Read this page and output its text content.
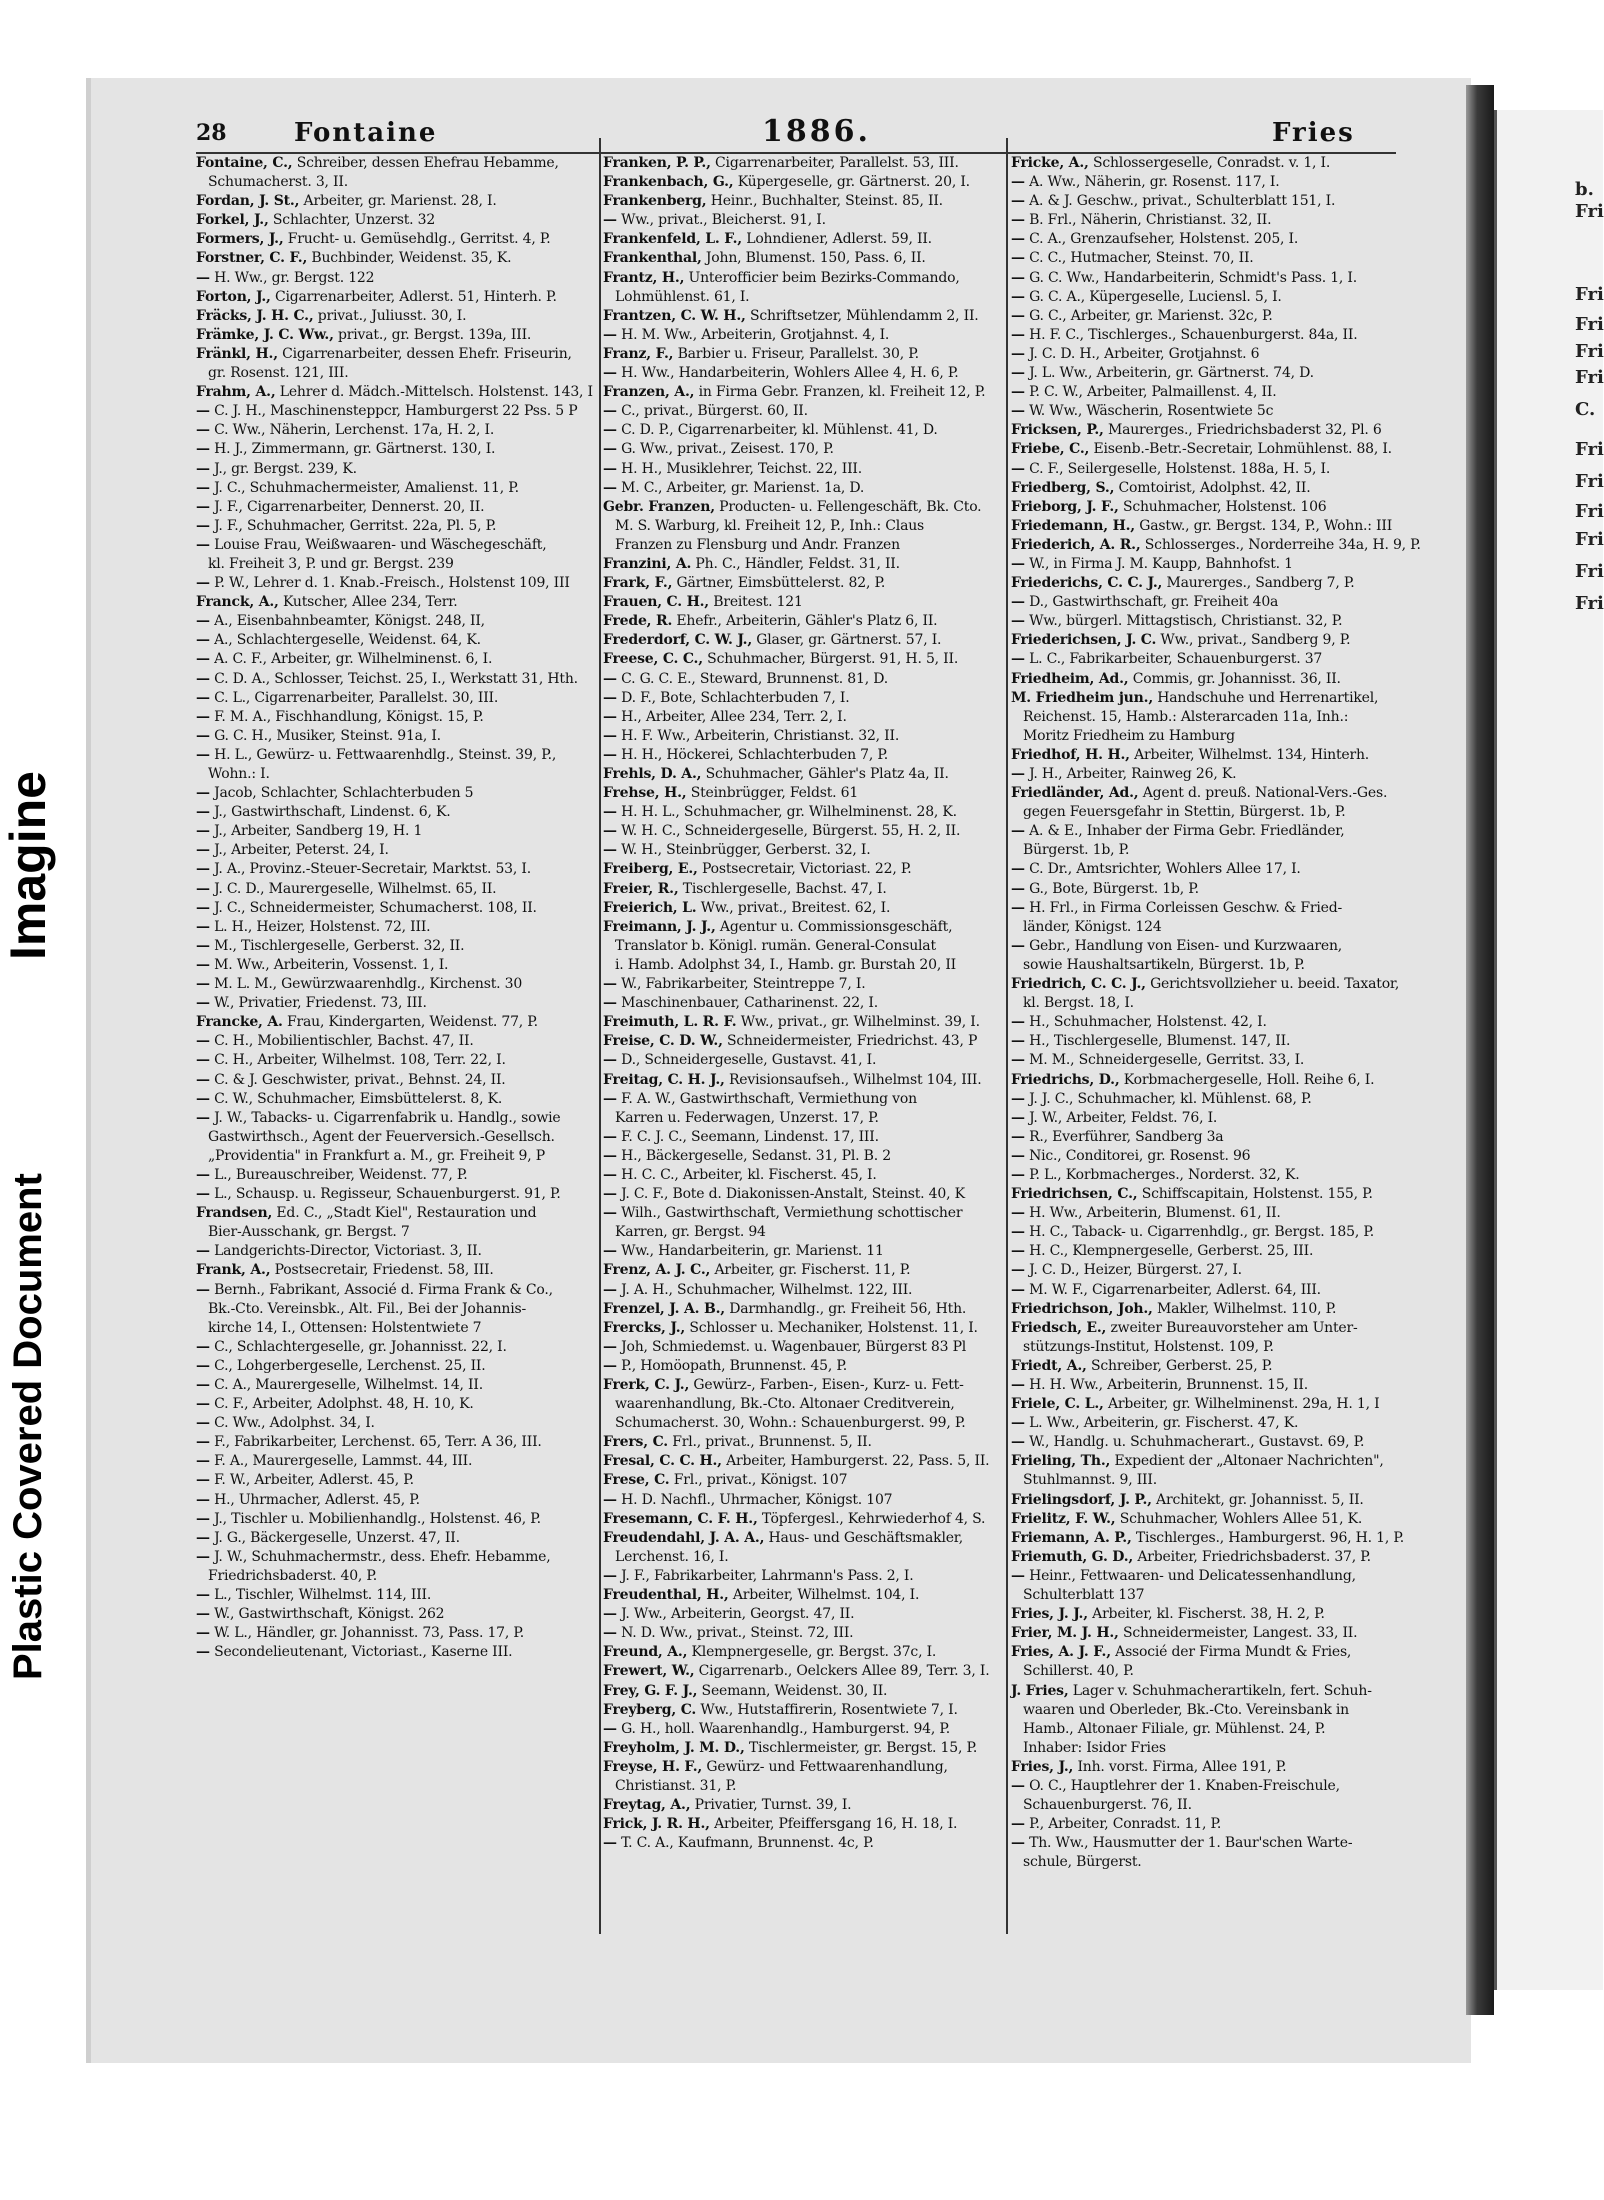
Plastic Covered Document
Imagine
b.
Fri
Fri
Fri
Fri
Fri
C.
Fri
Fri
Fri
Fri
Fri
Fri
28	Fontaine	1886.	Fries
Fontaine, C., Schreiber, dessen Ehefrau Hebamme,
Schumacherst. 3, II.
Fordan, J. St., Arbeiter, gr. Marienst. 28, I.
Forkel, J., Schlachter, Unzerst. 32
Formers, J., Frucht- u. Gemüsehdlg., Gerritst. 4, P.
Forstner, C. F., Buchbinder, Weidenst. 35, K.
— H. Ww., gr. Bergst. 122
Forton, J., Cigarrenarbeiter, Adlerst. 51, Hinterh. P.
Fräcks, J. H. C., privat., Juliusst. 30, I.
Främke, J. C. Ww., privat., gr. Bergst. 139a, III.
Fränkl, H., Cigarrenarbeiter, dessen Ehefr. Friseurin,
gr. Rosenst. 121, III.
Frahm, A., Lehrer d. Mädch.-Mittelsch. Holstenst. 143, I
— C. J. H., Maschinensteppcr, Hamburgerst 22 Pss. 5 P
— C. Ww., Näherin, Lerchenst. 17a, H. 2, I.
— H. J., Zimmermann, gr. Gärtnerst. 130, I.
— J., gr. Bergst. 239, K.
— J. C., Schuhmachermeister, Amalienst. 11, P.
— J. F., Cigarrenarbeiter, Dennerst. 20, II.
— J. F., Schuhmacher, Gerritst. 22a, Pl. 5, P.
— Louise Frau, Weißwaaren- und Wäschegeschäft,
kl. Freiheit 3, P. und gr. Bergst. 239
— P. W., Lehrer d. 1. Knab.-Freisch., Holstenst 109, III
Franck, A., Kutscher, Allee 234, Terr.
— A., Eisenbahnbeamter, Königst. 248, II,
— A., Schlachtergeselle, Weidenst. 64, K.
— A. C. F., Arbeiter, gr. Wilhelminenst. 6, I.
— C. D. A., Schlosser, Teichst. 25, I., Werkstatt 31, Hth.
— C. L., Cigarrenarbeiter, Parallelst. 30, III.
— F. M. A., Fischhandlung, Königst. 15, P.
— G. C. H., Musiker, Steinst. 91a, I.
— H. L., Gewürz- u. Fettwaarenhdlg., Steinst. 39, P.,
Wohn.: I.
— Jacob, Schlachter, Schlachterbuden 5
— J., Gastwirthschaft, Lindenst. 6, K.
— J., Arbeiter, Sandberg 19, H. 1
— J., Arbeiter, Peterst. 24, I.
— J. A., Provinz.-Steuer-Secretair, Marktst. 53, I.
— J. C. D., Maurergeselle, Wilhelmst. 65, II.
— J. C., Schneidermeister, Schumacherst. 108, II.
— L. H., Heizer, Holstenst. 72, III.
— M., Tischlergeselle, Gerberst. 32, II.
— M. Ww., Arbeiterin, Vossenst. 1, I.
— M. L. M., Gewürzwaarenhdlg., Kirchenst. 30
— W., Privatier, Friedenst. 73, III.
Francke, A. Frau, Kindergarten, Weidenst. 77, P.
— C. H., Mobilientischler, Bachst. 47, II.
— C. H., Arbeiter, Wilhelmst. 108, Terr. 22, I.
— C. & J. Geschwister, privat., Behnst. 24, II.
— C. W., Schuhmacher, Eimsbüttelerst. 8, K.
— J. W., Tabacks- u. Cigarrenfabrik u. Handlg., sowie
Gastwirthsch., Agent der Feuerversich.-Gesellsch.
„Providentia" in Frankfurt a. M., gr. Freiheit 9, P
— L., Bureauschreiber, Weidenst. 77, P.
— L., Schausp. u. Regisseur, Schauenburgerst. 91, P.
Frandsen, Ed. C., „Stadt Kiel", Restauration und
Bier-Ausschank, gr. Bergst. 7
— Landgerichts-Director, Victoriast. 3, II.
Frank, A., Postsecretair, Friedenst. 58, III.
— Bernh., Fabrikant, Associé d. Firma Frank & Co.,
Bk.-Cto. Vereinsbk., Alt. Fil., Bei der Johannis-
kirche 14, I., Ottensen: Holstentwiete 7
— C., Schlachtergeselle, gr. Johannisst. 22, I.
— C., Lohgerbergeselle, Lerchenst. 25, II.
— C. A., Maurergeselle, Wilhelmst. 14, II.
— C. F., Arbeiter, Adolphst. 48, H. 10, K.
— C. Ww., Adolphst. 34, I.
— F., Fabrikarbeiter, Lerchenst. 65, Terr. A 36, III.
— F. A., Maurergeselle, Lammst. 44, III.
— F. W., Arbeiter, Adlerst. 45, P.
— H., Uhrmacher, Adlerst. 45, P.
— J., Tischler u. Mobilienhandlg., Holstenst. 46, P.
— J. G., Bäckergeselle, Unzerst. 47, II.
— J. W., Schuhmachermstr., dess. Ehefr. Hebamme,
Friedrichsbaderst. 40, P.
— L., Tischler, Wilhelmst. 114, III.
— W., Gastwirthschaft, Königst. 262
— W. L., Händler, gr. Johannisst. 73, Pass. 17, P.
— Secondelieutenant, Victoriast., Kaserne III.
Franken, P. P., Cigarrenarbeiter, Parallelst. 53, III.
Frankenbach, G., Küpergeselle, gr. Gärtnerst. 20, I.
Frankenberg, Heinr., Buchhalter, Steinst. 85, II.
— Ww., privat., Bleicherst. 91, I.
Frankenfeld, L. F., Lohndiener, Adlerst. 59, II.
Frankenthal, John, Blumenst. 150, Pass. 6, II.
Frantz, H., Unterofficier beim Bezirks-Commando,
Lohmühlenst. 61, I.
Frantzen, C. W. H., Schriftsetzer, Mühlendamm 2, II.
— H. M. Ww., Arbeiterin, Grotjahnst. 4, I.
Franz, F., Barbier u. Friseur, Parallelst. 30, P.
— H. Ww., Handarbeiterin, Wohlers Allee 4, H. 6, P.
Franzen, A., in Firma Gebr. Franzen, kl. Freiheit 12, P.
— C., privat., Bürgerst. 60, II.
— C. D. P., Cigarrenarbeiter, kl. Mühlenst. 41, D.
— G. Ww., privat., Zeisest. 170, P.
— H. H., Musiklehrer, Teichst. 22, III.
— M. C., Arbeiter, gr. Marienst. 1a, D.
Gebr. Franzen, Producten- u. Fellengeschäft, Bk. Cto.
M. S. Warburg, kl. Freiheit 12, P., Inh.: Claus
Franzen zu Flensburg und Andr. Franzen
Franzini, A. Ph. C., Händler, Feldst. 31, II.
Frark, F., Gärtner, Eimsbüttelerst. 82, P.
Frauen, C. H., Breitest. 121
Frede, R. Ehefr., Arbeiterin, Gähler's Platz 6, II.
Frederdorf, C. W. J., Glaser, gr. Gärtnerst. 57, I.
Freese, C. C., Schuhmacher, Bürgerst. 91, H. 5, II.
— C. G. C. E., Steward, Brunnenst. 81, D.
— D. F., Bote, Schlachterbuden 7, I.
— H., Arbeiter, Allee 234, Terr. 2, I.
— H. F. Ww., Arbeiterin, Christianst. 32, II.
— H. H., Höckerei, Schlachterbuden 7, P.
Frehls, D. A., Schuhmacher, Gähler's Platz 4a, II.
Frehse, H., Steinbrügger, Feldst. 61
— H. H. L., Schuhmacher, gr. Wilhelminenst. 28, K.
— W. H. C., Schneidergeselle, Bürgerst. 55, H. 2, II.
— W. H., Steinbrügger, Gerberst. 32, I.
Freiberg, E., Postsecretair, Victoriast. 22, P.
Freier, R., Tischlergeselle, Bachst. 47, I.
Freierich, L. Ww., privat., Breitest. 62, I.
Freimann, J. J., Agentur u. Commissionsgeschäft,
Translator b. Königl. rumän. General-Consulat
i. Hamb. Adolphst 34, I., Hamb. gr. Burstah 20, II
— W., Fabrikarbeiter, Steintreppe 7, I.
— Maschinenbauer, Catharinenst. 22, I.
Freimuth, L. R. F. Ww., privat., gr. Wilhelminst. 39, I.
Freise, C. D. W., Schneidermeister, Friedrichst. 43, P
— D., Schneidergeselle, Gustavst. 41, I.
Freitag, C. H. J., Revisionsaufseh., Wilhelmst 104, III.
— F. A. W., Gastwirthschaft, Vermiethung von
Karren u. Federwagen, Unzerst. 17, P.
— F. C. J. C., Seemann, Lindenst. 17, III.
— H., Bäckergeselle, Sedanst. 31, Pl. B. 2
— H. C. C., Arbeiter, kl. Fischerst. 45, I.
— J. C. F., Bote d. Diakonissen-Anstalt, Steinst. 40, K
— Wilh., Gastwirthschaft, Vermiethung schottischer
Karren, gr. Bergst. 94
— Ww., Handarbeiterin, gr. Marienst. 11
Frenz, A. J. C., Arbeiter, gr. Fischerst. 11, P.
— J. A. H., Schuhmacher, Wilhelmst. 122, III.
Frenzel, J. A. B., Darmhandlg., gr. Freiheit 56, Hth.
Frercks, J., Schlosser u. Mechaniker, Holstenst. 11, I.
— Joh, Schmiedemst. u. Wagenbauer, Bürgerst 83 Pl
— P., Homöopath, Brunnenst. 45, P.
Frerk, C. J., Gewürz-, Farben-, Eisen-, Kurz- u. Fett-
waarenhandlung, Bk.-Cto. Altonaer Creditverein,
Schumacherst. 30, Wohn.: Schauenburgerst. 99, P.
Frers, C. Frl., privat., Brunnenst. 5, II.
Fresal, C. C. H., Arbeiter, Hamburgerst. 22, Pass. 5, II.
Frese, C. Frl., privat., Königst. 107
— H. D. Nachfl., Uhrmacher, Königst. 107
Fresemann, C. F. H., Töpfergesl., Kehrwiederhof 4, S.
Freudendahl, J. A. A., Haus- und Geschäftsmakler,
Lerchenst. 16, I.
— J. F., Fabrikarbeiter, Lahrmann's Pass. 2, I.
Freudenthal, H., Arbeiter, Wilhelmst. 104, I.
— J. Ww., Arbeiterin, Georgst. 47, II.
— N. D. Ww., privat., Steinst. 72, III.
Freund, A., Klempnergeselle, gr. Bergst. 37c, I.
Frewert, W., Cigarrenarb., Oelckers Allee 89, Terr. 3, I.
Frey, G. F. J., Seemann, Weidenst. 30, II.
Freyberg, C. Ww., Hutstaffirerin, Rosentwiete 7, I.
— G. H., holl. Waarenhandlg., Hamburgerst. 94, P.
Freyholm, J. M. D., Tischlermeister, gr. Bergst. 15, P.
Freyse, H. F., Gewürz- und Fettwaarenhandlung,
Christianst. 31, P.
Freytag, A., Privatier, Turnst. 39, I.
Frick, J. R. H., Arbeiter, Pfeiffersgang 16, H. 18, I.
— T. C. A., Kaufmann, Brunnenst. 4c, P.
Fricke, A., Schlossergeselle, Conradst. v. 1, I.
— A. Ww., Näherin, gr. Rosenst. 117, I.
— A. & J. Geschw., privat., Schulterblatt 151, I.
— B. Frl., Näherin, Christianst. 32, II.
— C. A., Grenzaufseher, Holstenst. 205, I.
— C. C., Hutmacher, Steinst. 70, II.
— G. C. Ww., Handarbeiterin, Schmidt's Pass. 1, I.
— G. C. A., Küpergeselle, Luciensl. 5, I.
— G. C., Arbeiter, gr. Marienst. 32c, P.
— H. F. C., Tischlerges., Schauenburgerst. 84a, II.
— J. C. D. H., Arbeiter, Grotjahnst. 6
— J. L. Ww., Arbeiterin, gr. Gärtnerst. 74, D.
— P. C. W., Arbeiter, Palmaillenst. 4, II.
— W. Ww., Wäscherin, Rosentwiete 5c
Fricksen, P., Maurerges., Friedrichsbaderst 32, Pl. 6
Friebe, C., Eisenb.-Betr.-Secretair, Lohmühlenst. 88, I.
— C. F., Seilergeselle, Holstenst. 188a, H. 5, I.
Friedberg, S., Comtoirist, Adolphst. 42, II.
Frieborg, J. F., Schuhmacher, Holstenst. 106
Friedemann, H., Gastw., gr. Bergst. 134, P., Wohn.: III
Friederich, A. R., Schlosserges., Norderreihe 34a, H. 9, P.
— W., in Firma J. M. Kaupp, Bahnhofst. 1
Friederichs, C. C. J., Maurerges., Sandberg 7, P.
— D., Gastwirthschaft, gr. Freiheit 40a
— Ww., bürgerl. Mittagstisch, Christianst. 32, P.
Friederichsen, J. C. Ww., privat., Sandberg 9, P.
— L. C., Fabrikarbeiter, Schauenburgerst. 37
Friedheim, Ad., Commis, gr. Johannisst. 36, II.
M. Friedheim jun., Handschuhe und Herrenartikel,
Reichenst. 15, Hamb.: Alsterarcaden 11a, Inh.:
Moritz Friedheim zu Hamburg
Friedhof, H. H., Arbeiter, Wilhelmst. 134, Hinterh.
— J. H., Arbeiter, Rainweg 26, K.
Friedländer, Ad., Agent d. preuß. National-Vers.-Ges.
gegen Feuersgefahr in Stettin, Bürgerst. 1b, P.
— A. & E., Inhaber der Firma Gebr. Friedländer,
Bürgerst. 1b, P.
— C. Dr., Amtsrichter, Wohlers Allee 17, I.
— G., Bote, Bürgerst. 1b, P.
— H. Frl., in Firma Corleissen Geschw. & Fried-
länder, Königst. 124
— Gebr., Handlung von Eisen- und Kurzwaaren,
sowie Haushaltsartikeln, Bürgerst. 1b, P.
Friedrich, C. C. J., Gerichtsvollzieher u. beeid. Taxator,
kl. Bergst. 18, I.
— H., Schuhmacher, Holstenst. 42, I.
— H., Tischlergeselle, Blumenst. 147, II.
— M. M., Schneidergeselle, Gerritst. 33, I.
Friedrichs, D., Korbmachergeselle, Holl. Reihe 6, I.
— J. J. C., Schuhmacher, kl. Mühlenst. 68, P.
— J. W., Arbeiter, Feldst. 76, I.
— R., Everführer, Sandberg 3a
— Nic., Conditorei, gr. Rosenst. 96
— P. L., Korbmacherges., Norderst. 32, K.
Friedrichsen, C., Schiffscapitain, Holstenst. 155, P.
— H. Ww., Arbeiterin, Blumenst. 61, II.
— H. C., Taback- u. Cigarrenhdlg., gr. Bergst. 185, P.
— H. C., Klempnergeselle, Gerberst. 25, III.
— J. C. D., Heizer, Bürgerst. 27, I.
— M. W. F., Cigarrenarbeiter, Adlerst. 64, III.
Friedrichson, Joh., Makler, Wilhelmst. 110, P.
Friedsch, E., zweiter Bureauvorsteher am Unter-
stützungs-Institut, Holstenst. 109, P.
Friedt, A., Schreiber, Gerberst. 25, P.
— H. H. Ww., Arbeiterin, Brunnenst. 15, II.
Friele, C. L., Arbeiter, gr. Wilhelminenst. 29a, H. 1, I
— L. Ww., Arbeiterin, gr. Fischerst. 47, K.
— W., Handlg. u. Schuhmacherart., Gustavst. 69, P.
Frieling, Th., Expedient der „Altonaer Nachrichten",
Stuhlmannst. 9, III.
Frielingsdorf, J. P., Architekt, gr. Johannisst. 5, II.
Frielitz, F. W., Schuhmacher, Wohlers Allee 51, K.
Friemann, A. P., Tischlerges., Hamburgerst. 96, H. 1, P.
Friemuth, G. D., Arbeiter, Friedrichsbaderst. 37, P.
— Heinr., Fettwaaren- und Delicatessenhandlung,
Schulterblatt 137
Fries, J. J., Arbeiter, kl. Fischerst. 38, H. 2, P.
Frier, M. J. H., Schneidermeister, Langest. 33, II.
Fries, A. J. F., Associé der Firma Mundt & Fries,
Schillerst. 40, P.
J. Fries, Lager v. Schuhmacherartikeln, fert. Schuh-
waaren und Oberleder, Bk.-Cto. Vereinsbank in
Hamb., Altonaer Filiale, gr. Mühlenst. 24, P.
Inhaber: Isidor Fries
Fries, J., Inh. vorst. Firma, Allee 191, P.
— O. C., Hauptlehrer der 1. Knaben-Freischule,
Schauenburgerst. 76, II.
— P., Arbeiter, Conradst. 11, P.
— Th. Ww., Hausmutter der 1. Baur'schen Warte-
schule, Bürgerst.
